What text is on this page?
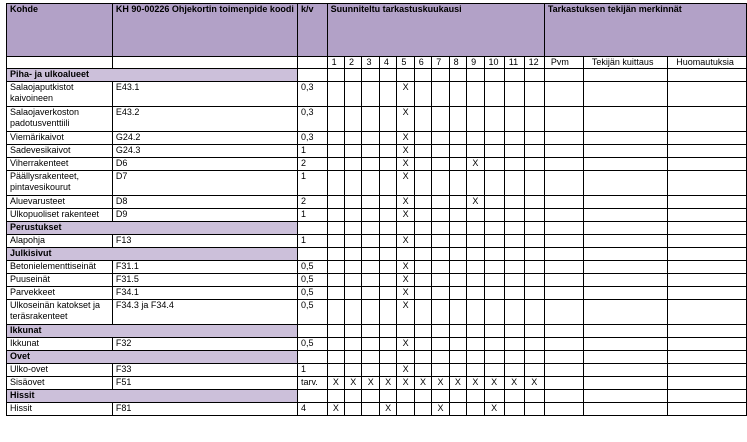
Kohde	KH 90-00226 Ohjekortin toimenpide koodi	k/v	Suunniteltu tarkastuskuukausi												Tarkastuksen tekijän merkinnät		
			1	2	3	4	5	6	7	8	9	10	11	12	Pvm	Tekijän kuittaus	Huomautuksia
Piha- ja ulkoalueet																	
Salaojaputkistot kaivoineen	E43.1	0,3					X										
Salaojaverkoston padotusventtiili	E43.2	0,3					X										
Viemärikaivot	G24.2	0,3					X										
Sadevesikaivot	G24.3	1					X										
Viherrakenteet	D6	2					X				X						
Päällysrakenteet, pintavesikourut	D7	1					X										
Aluevarusteet	D8	2					X				X						
Ulkopuoliset rakenteet	D9	1					X										
Perustukset																	
Alapohja	F13	1					X										
Julkisivut																	
Betonielementtiseinät	F31.1	0,5					X										
Puuseinät	F31.5	0,5					X										
Parvekkeet	F34.1	0,5					X										
Ulkoseinän katokset ja teräsrakenteet	F34.3 ja F34.4	0,5					X										
Ikkunat																	
Ikkunat	F32	0,5					X										
Ovet																	
Ulko-ovet	F33	1					X										
Sisäovet	F51	tarv.	X	X	X	X	X	X	X	X	X	X	X	X			
Hissit																	
Hissit	F81	4	X			X			X			X					
